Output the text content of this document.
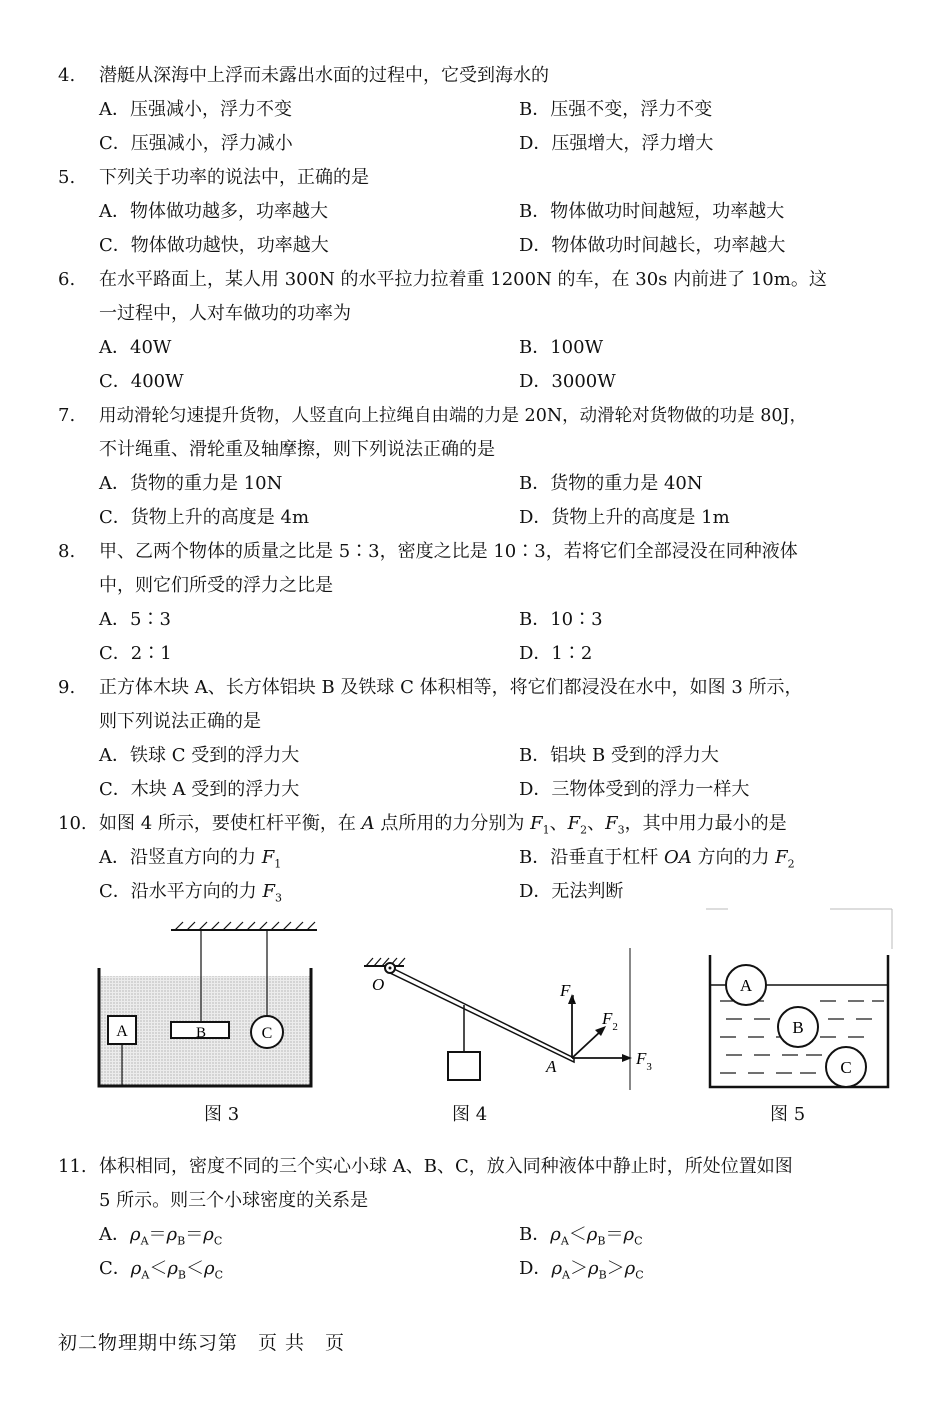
4. 潜艇从深海中上浮而未露出水面的过程中，它受到海水的
A．压强减小，浮力不变	B．压强不变，浮力不变
C．压强减小，浮力减小	D．压强增大，浮力增大
5. 下列关于功率的说法中，正确的是
A．物体做功越多，功率越大	B．物体做功时间越短，功率越大
C．物体做功越快，功率越大	D．物体做功时间越长，功率越大
6. 在水平路面上，某人用 300N 的水平拉力拉着重 1200N 的车，在 30s 内前进了 10m。这
一过程中，人对车做功的功率为
A．40W	B．100W
C．400W	D．3000W
7. 用动滑轮匀速提升货物，人竖直向上拉绳自由端的力是 20N，动滑轮对货物做的功是 80J，
不计绳重、滑轮重及轴摩擦，则下列说法正确的是
A．货物的重力是 10N	B．货物的重力是 40N
C．货物上升的高度是 4m	D．货物上升的高度是 1m
8. 甲、乙两个物体的质量之比是 5∶3，密度之比是 10∶3，若将它们全部浸没在同种液体
中，则它们所受的浮力之比是
A．5∶3	B．10∶3
C．2∶1	D．1∶2
9. 正方体木块 A、长方体铝块 B 及铁球 C 体积相等，将它们都浸没在水中，如图 3 所示，
则下列说法正确的是
A．铁球 C 受到的浮力大	B．铝块 B 受到的浮力大
C．木块 A 受到的浮力大	D．三物体受到的浮力一样大
10. 如图 4 所示，要使杠杆平衡，在 A 点所用的力分别为 $F_1$、$F_2$、$F_3$，其中用力最小的是
A．沿竖直方向的力 $F_1$	B．沿垂直于杠杆 OA 方向的力 $F_2$
C．沿水平方向的力 $F_3$	D．无法判断
A	B	C
图 3
O
A
$F_1$
$F_2$
$F_3$
图 4
A
B
C
图 5
11. 体积相同，密度不同的三个实心小球 A、B、C，放入同种液体中静止时，所处位置如图
5 所示。则三个小球密度的关系是
A．$\rho_A=\rho_B=\rho_C$	B．$\rho_A<\rho_B=\rho_C$
C．$\rho_A<\rho_B<\rho_C$	D．$\rho_A>\rho_B>\rho_C$
初二物理期中练习第　页 共　页
